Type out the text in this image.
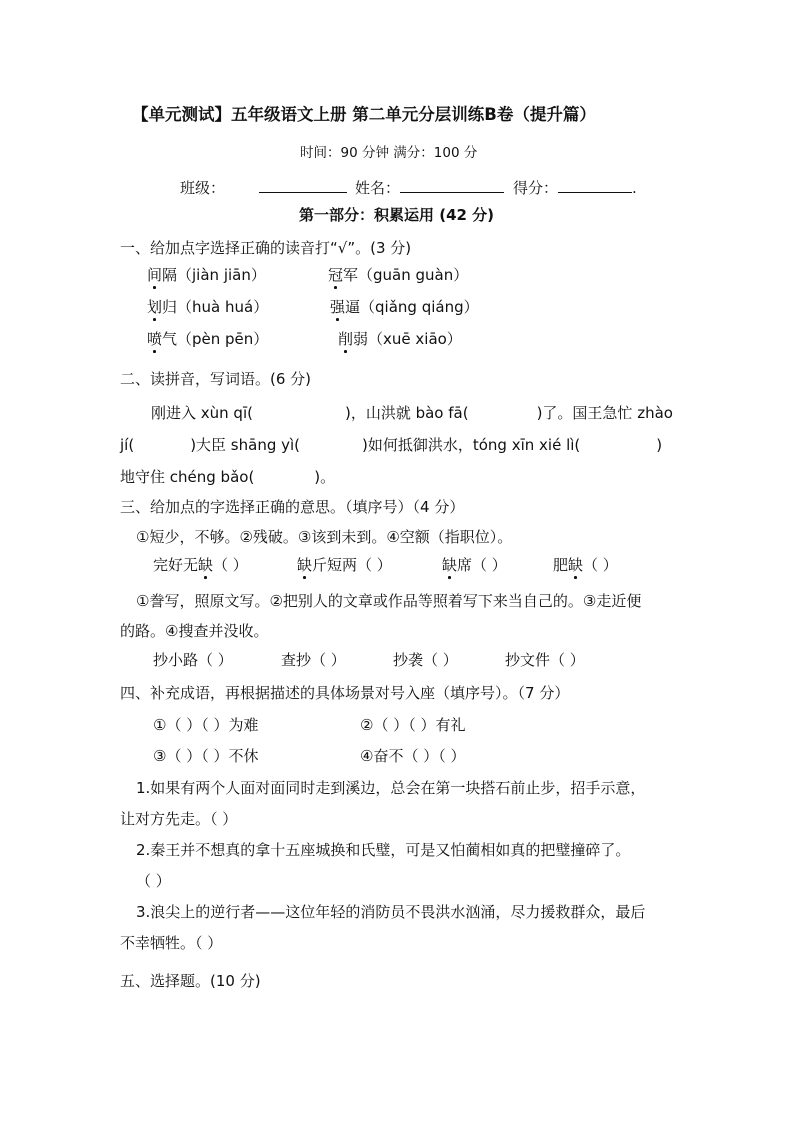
【单元测试】五年级语文上册 第二单元分层训练B卷（提升篇）
时间：90 分钟 满分：100 分
班级：	姓名：	得分：	.
第一部分：积累运用 (42 分)
一、给加点字选择正确的读音打“√”。(3 分)
间隔（jiàn jiān）	冠军（guān guàn）
划归（huà huá）	强逼（qiǎng qiáng）
喷气（pèn pēn）	削弱（xuē xiāo）
二、读拼音，写词语。(6 分)
刚进入 xùn qī(	)，山洪就 bào fā(	)了。国王急忙 zhào
jí(	)大臣 shāng yì(	)如何抵御洪水，tóng xīn xié lì(	)
地守住 chéng bǎo(	)。
三、给加点的字选择正确的意思。（填序号）（4 分）
①短少，不够。②残破。③该到未到。④空额（指职位）。
完好无缺（ ）	缺斤短两（ ）	缺席（ ）	肥缺（ ）
①誊写，照原文写。②把别人的文章或作品等照着写下来当自己的。③走近便
的路。④搜查并没收。
抄小路（ ）	查抄（ ）	抄袭（ ）	抄文件（ ）
四、补充成语，再根据描述的具体场景对号入座（填序号）。（7 分）
①（ ）（ ）为难	②（ ）（ ）有礼
③（ ）（ ）不休	④奋不（ ）（ ）
1.如果有两个人面对面同时走到溪边，总会在第一块搭石前止步，招手示意，
让对方先走。（ ）
2.秦王并不想真的拿十五座城换和氏璧，可是又怕蔺相如真的把璧撞碎了。
（ ）
3.浪尖上的逆行者——这位年轻的消防员不畏洪水汹涌，尽力援救群众，最后
不幸牺牲。（ ）
五、选择题。(10 分)
